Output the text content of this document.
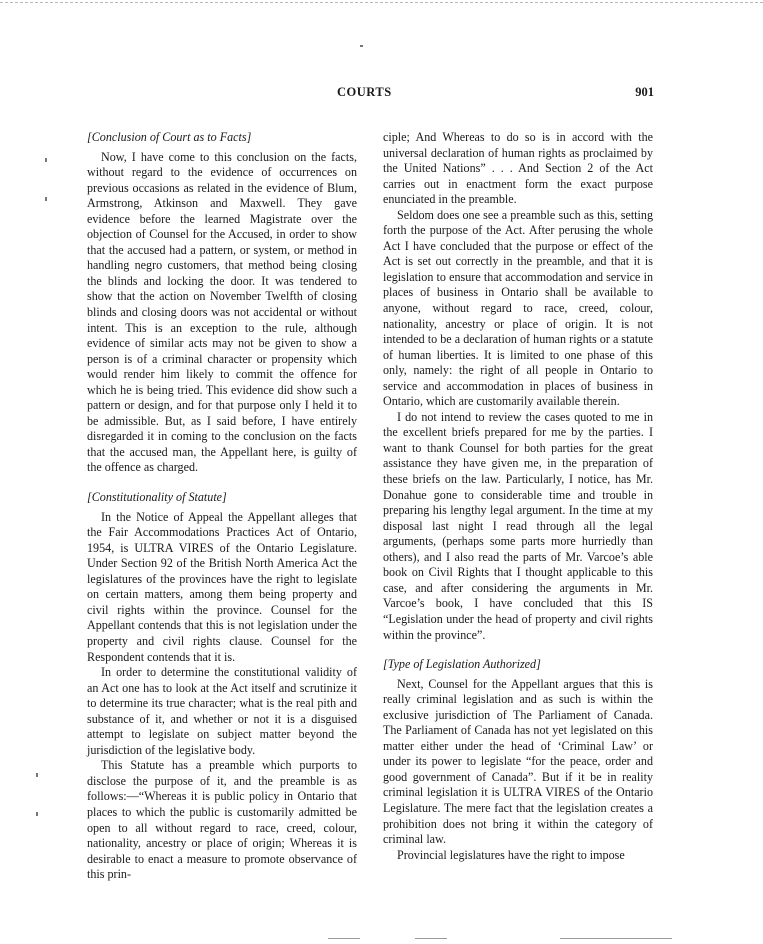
COURTS	901
[Conclusion of Court as to Facts]

Now, I have come to this conclusion on the facts, without regard to the evidence of occurrences on previous occasions as related in the evidence of Blum, Armstrong, Atkinson and Maxwell. They gave evidence before the learned Magistrate over the objection of Counsel for the Accused, in order to show that the accused had a pattern, or system, or method in handling negro customers, that method being closing the blinds and locking the door. It was tendered to show that the action on November Twelfth of closing blinds and closing doors was not accidental or without intent. This is an exception to the rule, although evidence of similar acts may not be given to show a person is of a criminal character or propensity which would render him likely to commit the offence for which he is being tried. This evidence did show such a pattern or design, and for that purpose only I held it to be admissible. But, as I said before, I have entirely disregarded it in coming to the conclusion on the facts that the accused man, the Appellant here, is guilty of the offence as charged.

[Constitutionality of Statute]

In the Notice of Appeal the Appellant alleges that the Fair Accommodations Practices Act of Ontario, 1954, is ULTRA VIRES of the Ontario Legislature. Under Section 92 of the British North America Act the legislatures of the provinces have the right to legislate on certain matters, among them being property and civil rights within the province. Counsel for the Appellant contends that this is not legislation under the property and civil rights clause. Counsel for the Respondent contends that it is.

In order to determine the constitutional validity of an Act one has to look at the Act itself and scrutinize it to determine its true character; what is the real pith and substance of it, and whether or not it is a disguised attempt to legislate on subject matter beyond the jurisdiction of the legislative body.

This Statute has a preamble which purports to disclose the purpose of it, and the preamble is as follows:—“Whereas it is public policy in Ontario that places to which the public is customarily admitted be open to all without regard to race, creed, colour, nationality, ancestry or place of origin; Whereas it is desirable to enact a measure to promote observance of this prin-

ciple; And Whereas to do so is in accord with the universal declaration of human rights as proclaimed by the United Nations” . . . And Section 2 of the Act carries out in enactment form the exact purpose enunciated in the preamble.

Seldom does one see a preamble such as this, setting forth the purpose of the Act. After perusing the whole Act I have concluded that the purpose or effect of the Act is set out correctly in the preamble, and that it is legislation to ensure that accommodation and service in places of business in Ontario shall be available to anyone, without regard to race, creed, colour, nationality, ancestry or place of origin. It is not intended to be a declaration of human rights or a statute of human liberties. It is limited to one phase of this only, namely: the right of all people in Ontario to service and accommodation in places of business in Ontario, which are customarily available therein.

I do not intend to review the cases quoted to me in the excellent briefs prepared for me by the parties. I want to thank Counsel for both parties for the great assistance they have given me, in the preparation of these briefs on the law. Particularly, I notice, has Mr. Donahue gone to considerable time and trouble in preparing his lengthy legal argument. In the time at my disposal last night I read through all the legal arguments, (perhaps some parts more hurriedly than others), and I also read the parts of Mr. Varcoe’s able book on Civil Rights that I thought applicable to this case, and after considering the arguments in Mr. Varcoe’s book, I have concluded that this IS “Legislation under the head of property and civil rights within the province”.

[Type of Legislation Authorized]

Next, Counsel for the Appellant argues that this is really criminal legislation and as such is within the exclusive jurisdiction of The Parliament of Canada. The Parliament of Canada has not yet legislated on this matter either under the head of ‘Criminal Law’ or under its power to legislate “for the peace, order and good government of Canada”. But if it be in reality criminal legislation it is ULTRA VIRES of the Ontario Legislature. The mere fact that the legislation creates a prohibition does not bring it within the category of criminal law.

Provincial legislatures have the right to impose
